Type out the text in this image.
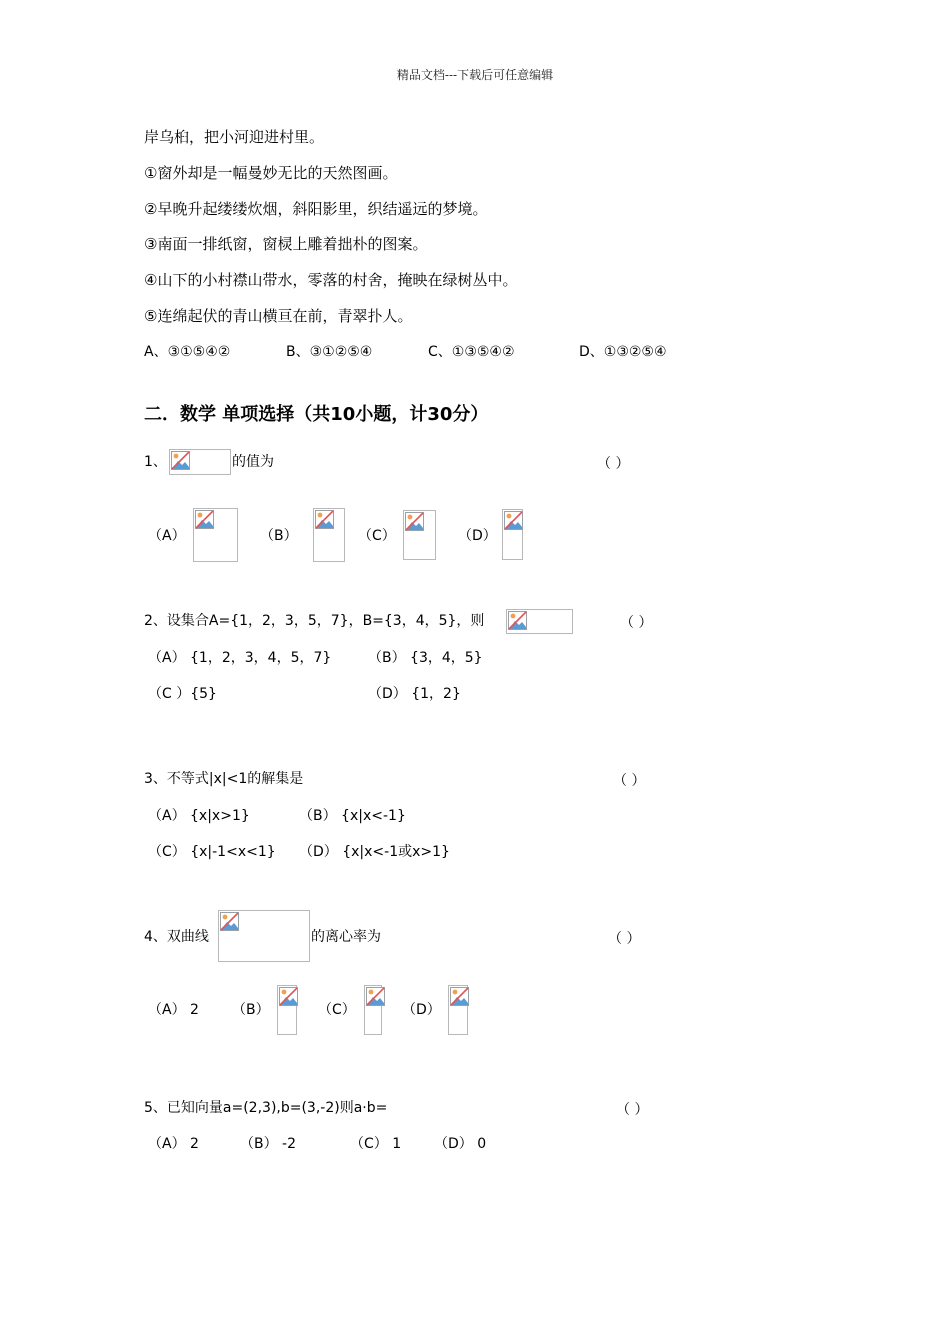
精品文档---下载后可任意编辑
岸乌桕，把小河迎进村里。
①窗外却是一幅曼妙无比的天然图画。
②早晚升起缕缕炊烟，斜阳影里，织结遥远的梦境。
③南面一排纸窗，窗棂上雕着拙朴的图案。
④山下的小村襟山带水，零落的村舍，掩映在绿树丛中。
⑤连绵起伏的青山横亘在前，青翠扑人。
A、③①⑤④②	B、③①②⑤④	C、①③⑤④②	D、①③②⑤④
二．数学 单项选择（共10小题，计30分）
1、	的值为	（ ）
（A）	（B）	（C）	（D）
2、设集合A={1，2，3，5，7}，B={3，4，5}，则	（ ）
（A） {1，2，3，4，5，7}	（B） {3，4，5}
（C ）{5}	（D） {1，2}
3、不等式|x|<1的解集是	（ ）
（A） {x|x>1}	（B） {x|x<-1}
（C） {x|-1<x<1} （D） {x|x<-1或x>1}
4、双曲线	的离心率为	（ ）
（A） 2 （B）	（C）	（D）
5、已知向量a=(2,3),b=(3,-2)则a·b=	（ ）
（A） 2	（B） -2	（C） 1 （D） 0
